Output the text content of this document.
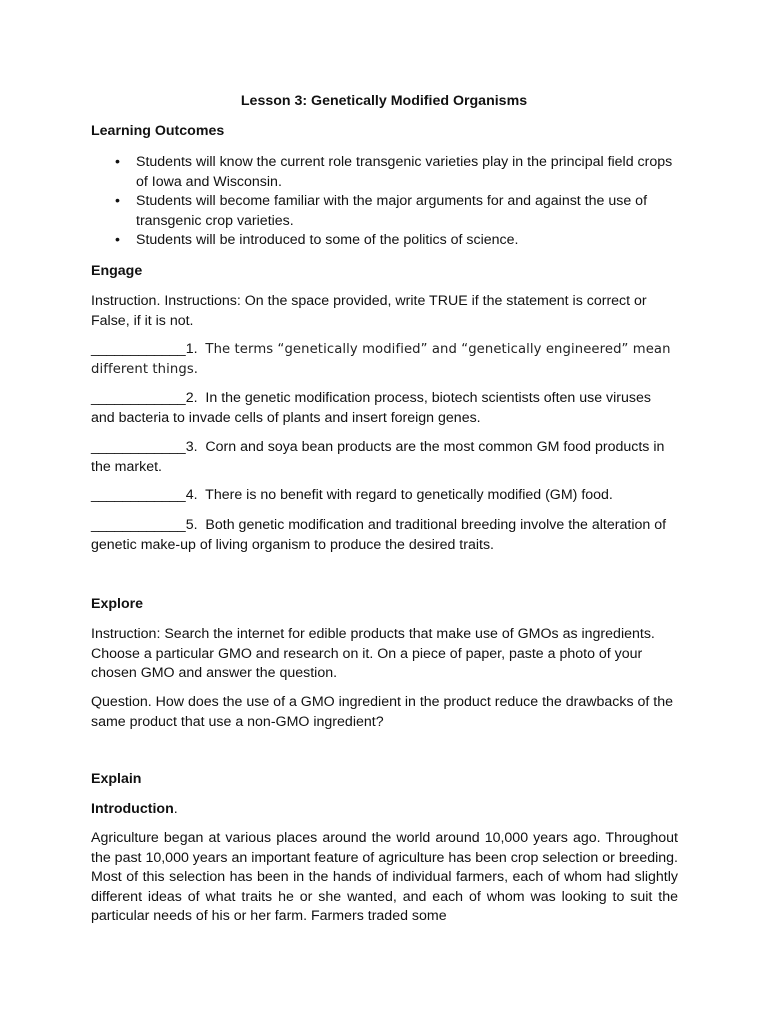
Lesson 3: Genetically Modified Organisms
Learning Outcomes
• Students will know the current role transgenic varieties play in the principal field crops of Iowa and Wisconsin.
• Students will become familiar with the major arguments for and against the use of transgenic crop varieties.
• Students will be introduced to some of the politics of science.
Engage
Instruction. Instructions: On the space provided, write TRUE if the statement is correct or False, if it is not.
____________1. The terms “genetically modified” and “genetically engineered” mean different things.
____________2. In the genetic modification process, biotech scientists often use viruses and bacteria to invade cells of plants and insert foreign genes.
____________3. Corn and soya bean products are the most common GM food products in the market.
____________4. There is no benefit with regard to genetically modified (GM) food.
____________5. Both genetic modification and traditional breeding involve the alteration of genetic make-up of living organism to produce the desired traits.
Explore
Instruction: Search the internet for edible products that make use of GMOs as ingredients. Choose a particular GMO and research on it. On a piece of paper, paste a photo of your chosen GMO and answer the question.
Question. How does the use of a GMO ingredient in the product reduce the drawbacks of the same product that use a non-GMO ingredient?
Explain
Introduction.
Agriculture began at various places around the world around 10,000 years ago. Throughout the past 10,000 years an important feature of agriculture has been crop selection or breeding. Most of this selection has been in the hands of individual farmers, each of whom had slightly different ideas of what traits he or she wanted, and each of whom was looking to suit the particular needs of his or her farm. Farmers traded some
